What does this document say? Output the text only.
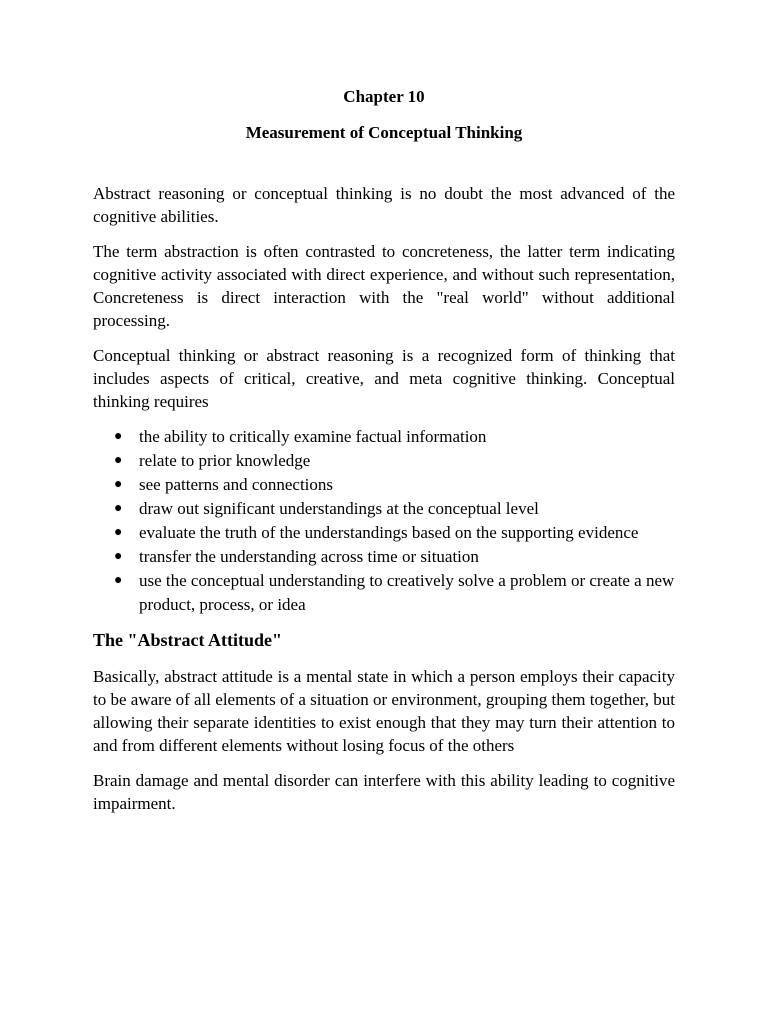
Chapter 10
Measurement of Conceptual Thinking

Abstract reasoning or conceptual thinking is no doubt the most advanced of the cognitive abilities.

The term abstraction is often contrasted to concreteness, the latter term indicating cognitive activity associated with direct experience, and without such representation, Concreteness is direct interaction with the "real world" without additional processing.

Conceptual thinking or abstract reasoning is a recognized form of thinking that includes aspects of critical, creative, and meta cognitive thinking. Conceptual thinking requires

● the ability to critically examine factual information
● relate to prior knowledge
● see patterns and connections
● draw out significant understandings at the conceptual level
● evaluate the truth of the understandings based on the supporting evidence
● transfer the understanding across time or situation
● use the conceptual understanding to creatively solve a problem or create a new product, process, or idea
The "Abstract Attitude"

Basically, abstract attitude is a mental state in which a person employs their capacity to be aware of all elements of a situation or environment, grouping them together, but allowing their separate identities to exist enough that they may turn their attention to and from different elements without losing focus of the others

Brain damage and mental disorder can interfere with this ability leading to cognitive impairment.
